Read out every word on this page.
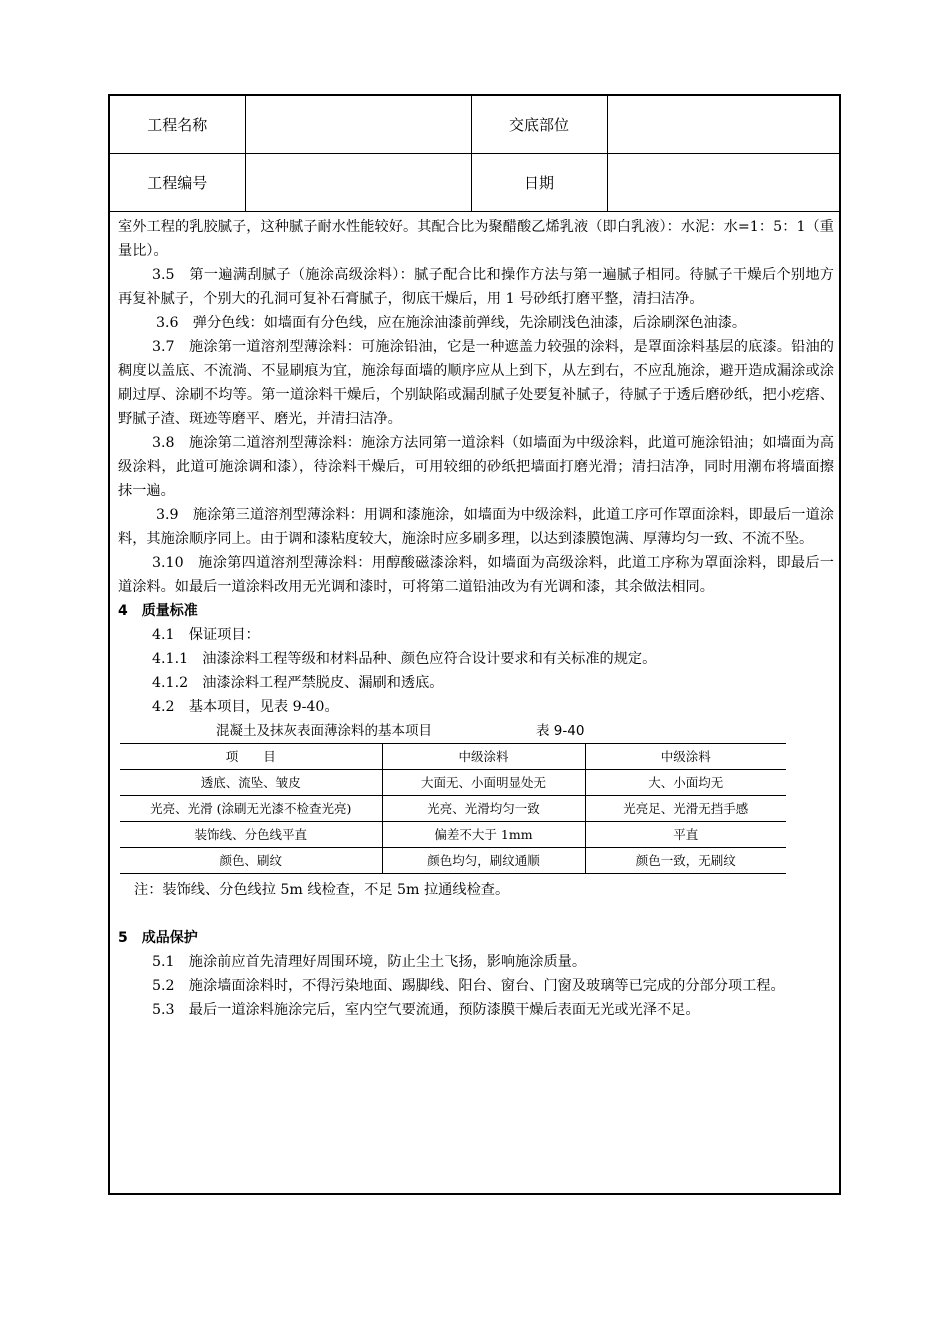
工程名称		交底部位	
工程编号		日期	

室外工程的乳胶腻子，这种腻子耐水性能较好。其配合比为聚醋酸乙烯乳液（即白乳液）：水泥：水=1：5：1（重量比）。

3.5　第一遍满刮腻子（施涂高级涂料）：腻子配合比和操作方法与第一遍腻子相同。待腻子干燥后个别地方再复补腻子，个别大的孔洞可复补石膏腻子，彻底干燥后，用 1 号砂纸打磨平整，清扫洁净。

3.6　弹分色线：如墙面有分色线，应在施涂油漆前弹线，先涂刷浅色油漆，后涂刷深色油漆。

3.7　施涂第一道溶剂型薄涂料：可施涂铅油，它是一种遮盖力较强的涂料，是罩面涂料基层的底漆。铅油的稠度以盖底、不流淌、不显刷痕为宜，施涂每面墙的顺序应从上到下，从左到右，不应乱施涂，避开造成漏涂或涂刷过厚、涂刷不均等。第一道涂料干燥后，个别缺陷或漏刮腻子处要复补腻子，待腻子于透后磨砂纸，把小疙瘩、野腻子渣、斑迹等磨平、磨光，并清扫洁净。

3.8　施涂第二道溶剂型薄涂料：施涂方法同第一道涂料（如墙面为中级涂料，此道可施涂铅油；如墙面为高级涂料，此道可施涂调和漆），待涂料干燥后，可用较细的砂纸把墙面打磨光滑；清扫洁净，同时用潮布将墙面擦抹一遍。

3.9　施涂第三道溶剂型薄涂料：用调和漆施涂，如墙面为中级涂料，此道工序可作罩面涂料，即最后一道涂料，其施涂顺序同上。由于调和漆粘度较大，施涂时应多刷多理，以达到漆膜饱满、厚薄均匀一致、不流不坠。

3.10　施涂第四道溶剂型薄涂料：用醇酸磁漆涂料，如墙面为高级涂料，此道工序称为罩面涂料，即最后一道涂料。如最后一道涂料改用无光调和漆时，可将第二道铅油改为有光调和漆，其余做法相同。

4　质量标准

4.1　保证项目：

4.1.1　油漆涂料工程等级和材料品种、颜色应符合设计要求和有关标准的规定。

4.1.2　油漆涂料工程严禁脱皮、漏刷和透底。

4.2　基本项目，见表 9-40。

混凝土及抹灰表面薄涂料的基本项目	表 9-40
项　　目	中级涂料	中级涂料
透底、流坠、皱皮	大面无、小面明显处无	大、小面均无
光亮、光滑 (涂刷无光漆不检查光亮)	光亮、光滑均匀一致	光亮足、光滑无挡手感
装饰线、分色线平直	偏差不大于 1mm	平直
颜色、刷纹	颜色均匀，刷纹通顺	颜色一致，无刷纹

注：装饰线、分色线拉 5m 线检查，不足 5m 拉通线检查。

5　成品保护

5.1　施涂前应首先清理好周围环境，防止尘土飞扬，影响施涂质量。

5.2　施涂墙面涂料时，不得污染地面、踢脚线、阳台、窗台、门窗及玻璃等已完成的分部分项工程。

5.3　最后一道涂料施涂完后，室内空气要流通，预防漆膜干燥后表面无光或光泽不足。
